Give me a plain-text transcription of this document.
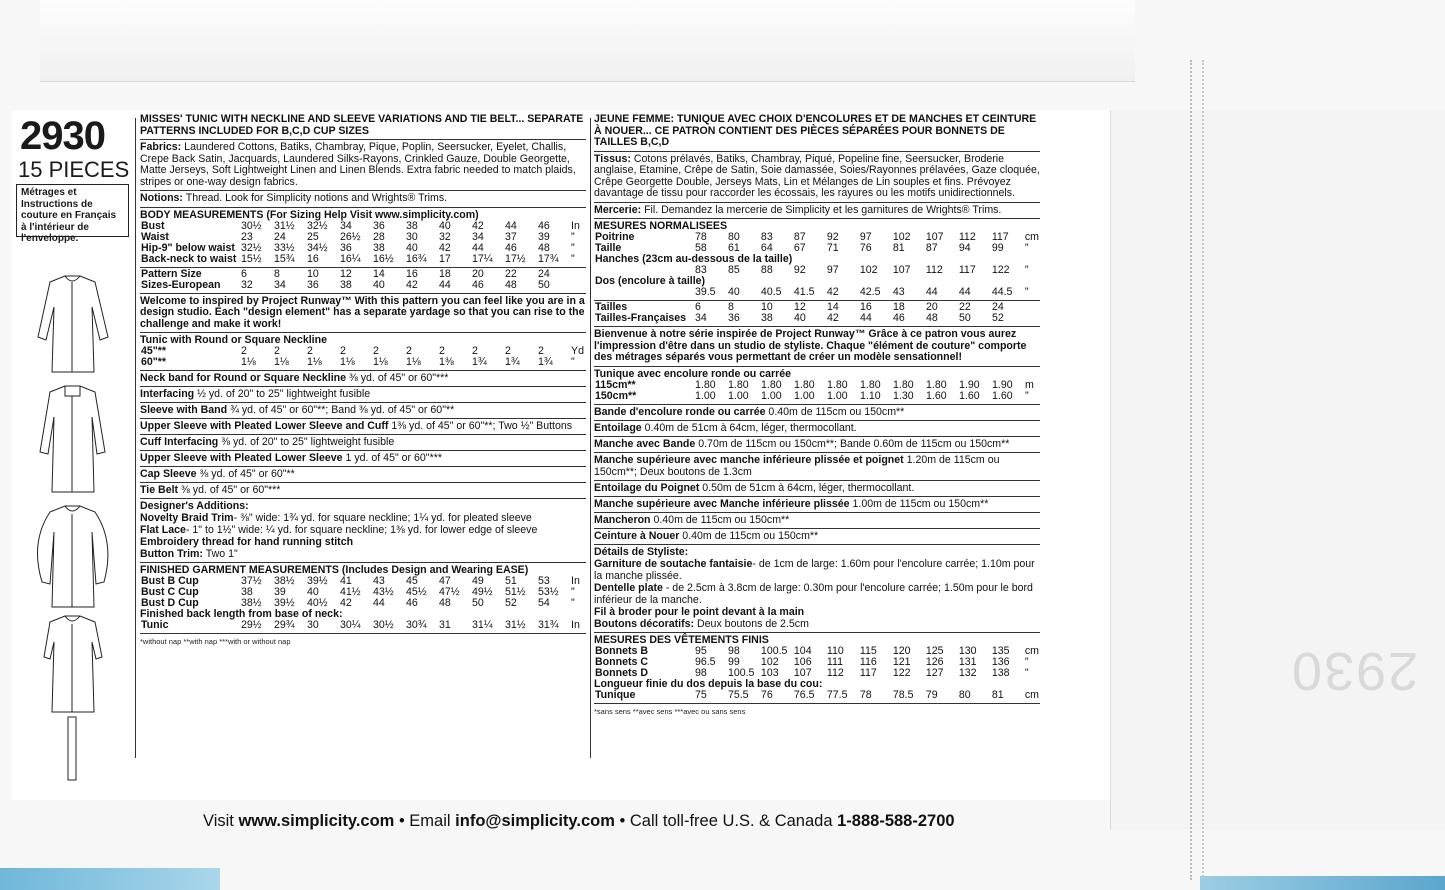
2930
2930
15 PIECES
Métrages et Instructions de couture en Français à l'intérieur de l'enveloppe.
MISSES' TUNIC WITH NECKLINE AND SLEEVE VARIATIONS AND TIE BELT... SEPARATE PATTERNS INCLUDED FOR B,C,D CUP SIZES
Fabrics: Laundered Cottons, Batiks, Chambray, Pique, Poplin, Seersucker, Eyelet, Challis, Crepe Back Satin, Jacquards, Laundered Silks-Rayons, Crinkled Gauze, Double Georgette, Matte Jerseys, Soft Lightweight Linen and Linen Blends. Extra fabric needed to match plaids, stripes or one-way design fabrics.
Notions: Thread. Look for Simplicity notions and Wrights® Trims.
BODY MEASUREMENTS (For Sizing Help Visit www.simplicity.com)
Bust	30½	31½	32½	34	36	38	40	42	44	46	In
Waist	23	24	25	26½	28	30	32	34	37	39	"
Hip-9" below waist	32½	33½	34½	36	38	40	42	44	46	48	"
Back-neck to waist	15½	15¾	16	16¼	16½	16¾	17	17¼	17½	17¾	"
Pattern Size	6	8	10	12	14	16	18	20	22	24	
Sizes-European	32	34	36	38	40	42	44	46	48	50	
Welcome to inspired by Project Runway™ With this pattern you can feel like you are in a design studio. Each "design element" has a separate yardage so that you can rise to the challenge and make it work!
Tunic with Round or Square Neckline
45"**	2	2	2	2	2	2	2	2	2	2	Yd
60"**	1⅛	1⅛	1⅛	1⅛	1⅛	1⅛	1⅜	1¾	1¾	1¾	"
Neck band for Round or Square Neckline ⅜ yd. of 45" or 60"***
Interfacing ½ yd. of 20" to 25" lightweight fusible
Sleeve with Band ¾ yd. of 45" or 60"**; Band ⅜ yd. of 45" or 60"**
Upper Sleeve with Pleated Lower Sleeve and Cuff 1⅜ yd. of 45" or 60"**; Two ½" Buttons
Cuff Interfacing ⅜ yd. of 20" to 25" lightweight fusible
Upper Sleeve with Pleated Lower Sleeve 1 yd. of 45" or 60"***
Cap Sleeve ⅜ yd. of 45" or 60"**
Tie Belt ⅜ yd. of 45" or 60"***
Designer's Additions:
Novelty Braid Trim- ⅜" wide: 1¾ yd. for square neckline; 1¼ yd. for pleated sleeve
Flat Lace- 1" to 1½" wide: ¼ yd. for square neckline; 1⅜ yd. for lower edge of sleeve
Embroidery thread for hand running stitch
Button Trim: Two 1"
FINISHED GARMENT MEASUREMENTS (Includes Design and Wearing EASE)
Bust B Cup	37½	38½	39½	41	43	45	47	49	51	53	In
Bust C Cup	38	39	40	41½	43½	45½	47½	49½	51½	53½	"
Bust D Cup	38½	39½	40½	42	44	46	48	50	52	54	"
Finished back length from base of neck:
Tunic	29½	29¾	30	30¼	30½	30¾	31	31¼	31½	31¾	In
*without nap **with nap ***with or without nap
JEUNE FEMME: TUNIQUE AVEC CHOIX D'ENCOLURES ET DE MANCHES ET CEINTURE À NOUER... CE PATRON CONTIENT DES PIÈCES SÉPARÉES POUR BONNETS DE TAILLES B,C,D
Tissus: Cotons prélavés, Batiks, Chambray, Piqué, Popeline fine, Seersucker, Broderie anglaise, Etamine, Crêpe de Satin, Soie damassée, Soies/Rayonnes prélavées, Gaze cloquée, Crêpe Georgette Double, Jerseys Mats, Lin et Mélanges de Lin souples et fins. Prévoyez davantage de tissu pour raccorder les écossais, les rayures ou les motifs unidirectionnels.
Mercerie: Fil. Demandez la mercerie de Simplicity et les garnitures de Wrights® Trims.
MESURES NORMALISEES
Poitrine	78	80	83	87	92	97	102	107	112	117	cm
Taille	58	61	64	67	71	76	81	87	94	99	"
Hanches (23cm au-dessous de la taille)											
	83	85	88	92	97	102	107	112	117	122	"
Dos (encolure à taille)											
	39.5	40	40.5	41.5	42	42.5	43	44	44	44.5	"
Tailles	6	8	10	12	14	16	18	20	22	24	
Tailles-Françaises	34	36	38	40	42	44	46	48	50	52	
Bienvenue à notre série inspirée de Project Runway™ Grâce à ce patron vous aurez l'impression d'être dans un studio de styliste. Chaque "élément de couture" comporte des métrages séparés vous permettant de créer un modèle sensationnel!
Tunique avec encolure ronde ou carrée
115cm**	1.80	1.80	1.80	1.80	1.80	1.80	1.80	1.80	1.90	1.90	m
150cm**	1.00	1.00	1.00	1.00	1.00	1.10	1.30	1.60	1.60	1.60	"
Bande d'encolure ronde ou carrée 0.40m de 115cm ou 150cm**
Entoilage 0.40m de 51cm à 64cm, léger, thermocollant.
Manche avec Bande 0.70m de 115cm ou 150cm**; Bande 0.60m de 115cm ou 150cm**
Manche supérieure avec manche inférieure plissée et poignet 1.20m de 115cm ou 150cm**; Deux boutons de 1.3cm
Entoilage du Poignet 0.50m de 51cm à 64cm, léger, thermocollant.
Manche supérieure avec Manche inférieure plissée 1.00m de 115cm ou 150cm**
Mancheron 0.40m de 115cm ou 150cm**
Ceinture à Nouer 0.40m de 115cm ou 150cm**
Détails de Styliste:
Garniture de soutache fantaisie- de 1cm de large: 1.60m pour l'encolure carrée; 1.10m pour la manche plissée.
Dentelle plate - de 2.5cm à 3.8cm de large: 0.30m pour l'encolure carrée; 1.50m pour le bord inférieur de la manche.
Fil à broder pour le point devant à la main
Boutons décoratifs: Deux boutons de 2.5cm
MESURES DES VÊTEMENTS FINIS
Bonnets B	95	98	100.5	104	110	115	120	125	130	135	cm
Bonnets C	96.5	99	102	106	111	116	121	126	131	136	"
Bonnets D	98	100.5	103	107	112	117	122	127	132	138	"
Longueur finie du dos depuis la base du cou:
Tunique	75	75.5	76	76.5	77.5	78	78.5	79	80	81	cm
*sans sens **avec sens ***avec ou sans sens
Visit www.simplicity.com • Email info@simplicity.com • Call toll-free U.S. & Canada 1-888-588-2700
